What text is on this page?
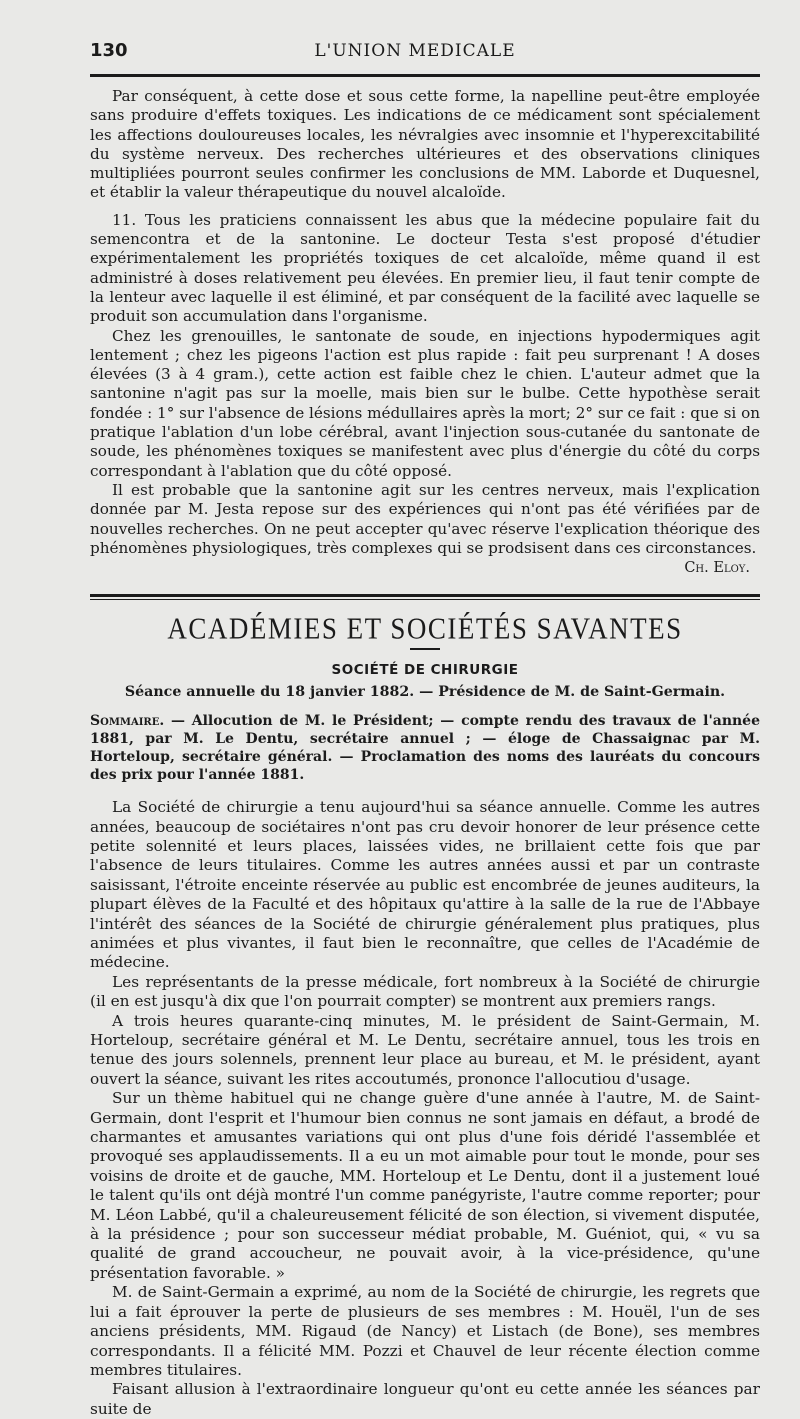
130	L'UNION MEDICALE

Par conséquent, à cette dose et sous cette forme, la napelline peut-être employée sans produire d'effets toxiques. Les indications de ce médicament sont spécialement les affections douloureuses locales, les névralgies avec insomnie et l'hyperexcitabilité du système nerveux. Des recherches ultérieures et des observations cliniques multipliées pourront seules confirmer les conclusions de MM. Laborde et Duquesnel, et établir la valeur thérapeutique du nouvel alcaloïde.

11. Tous les praticiens connaissent les abus que la médecine populaire fait du semencontra et de la santonine. Le docteur Testa s'est proposé d'étudier expérimentalement les propriétés toxiques de cet alcaloïde, même quand il est administré à doses relativement peu élevées. En premier lieu, il faut tenir compte de la lenteur avec laquelle il est éliminé, et par conséquent de la facilité avec laquelle se produit son accumulation dans l'organisme.

Chez les grenouilles, le santonate de soude, en injections hypodermiques agit lentement ; chez les pigeons l'action est plus rapide : fait peu surprenant ! A doses élevées (3 à 4 gram.), cette action est faible chez le chien. L'auteur admet que la santonine n'agit pas sur la moelle, mais bien sur le bulbe. Cette hypothèse serait fondée : 1° sur l'absence de lésions médullaires après la mort; 2° sur ce fait : que si on pratique l'ablation d'un lobe cérébral, avant l'injection sous-cutanée du santonate de soude, les phénomènes toxiques se manifestent avec plus d'énergie du côté du corps correspondant à l'ablation que du côté opposé.

Il est probable que la santonine agit sur les centres nerveux, mais l'explication donnée par M. Jesta repose sur des expériences qui n'ont pas été vérifiées par de nouvelles recherches. On ne peut accepter qu'avec réserve l'explication théorique des phénomènes physiologiques, très complexes qui se prodsisent dans ces circonstances.

Ch. Eloy.
ACADÉMIES ET SOCIÉTÉS SAVANTES
SOCIÉTÉ DE CHIRURGIE
Séance annuelle du 18 janvier 1882. — Présidence de M. de Saint-Germain.
Sommaire. — Allocution de M. le Président; — compte rendu des travaux de l'année 1881, par M. Le Dentu, secrétaire annuel ; — éloge de Chassaignac par M. Horteloup, secrétaire général. — Proclamation des noms des lauréats du concours des prix pour l'année 1881.

La Société de chirurgie a tenu aujourd'hui sa séance annuelle. Comme les autres années, beaucoup de sociétaires n'ont pas cru devoir honorer de leur présence cette petite solennité et leurs places, laissées vides, ne brillaient cette fois que par l'absence de leurs titulaires. Comme les autres années aussi et par un contraste saisissant, l'étroite enceinte réservée au public est encombrée de jeunes auditeurs, la plupart élèves de la Faculté et des hôpitaux qu'attire à la salle de la rue de l'Abbaye l'intérêt des séances de la Société de chirurgie généralement plus pratiques, plus animées et plus vivantes, il faut bien le reconnaître, que celles de l'Académie de médecine.

Les représentants de la presse médicale, fort nombreux à la Société de chirurgie (il en est jusqu'à dix que l'on pourrait compter) se montrent aux premiers rangs.

A trois heures quarante-cinq minutes, M. le président de Saint-Germain, M. Horteloup, secrétaire général et M. Le Dentu, secrétaire annuel, tous les trois en tenue des jours solennels, prennent leur place au bureau, et M. le président, ayant ouvert la séance, suivant les rites accoutumés, prononce l'allocutiou d'usage.

Sur un thème habituel qui ne change guère d'une année à l'autre, M. de Saint-Germain, dont l'esprit et l'humour bien connus ne sont jamais en défaut, a brodé de charmantes et amusantes variations qui ont plus d'une fois déridé l'assemblée et provoqué ses applaudissements. Il a eu un mot aimable pour tout le monde, pour ses voisins de droite et de gauche, MM. Horteloup et Le Dentu, dont il a justement loué le talent qu'ils ont déjà montré l'un comme panégyriste, l'autre comme reporter; pour M. Léon Labbé, qu'il a chaleureusement félicité de son élection, si vivement disputée, à la présidence ; pour son successeur médiat probable, M. Guéniot, qui, « vu sa qualité de grand accoucheur, ne pouvait avoir, à la vice-présidence, qu'une présentation favorable. »

M. de Saint-Germain a exprimé, au nom de la Société de chirurgie, les regrets que lui a fait éprouver la perte de plusieurs de ses membres : M. Houël, l'un de ses anciens présidents, MM. Rigaud (de Nancy) et Listach (de Bone), ses membres correspondants. Il a félicité MM. Pozzi et Chauvel de leur récente élection comme membres titulaires.

Faisant allusion à l'extraordinaire longueur qu'ont eu cette année les séances par suite de
